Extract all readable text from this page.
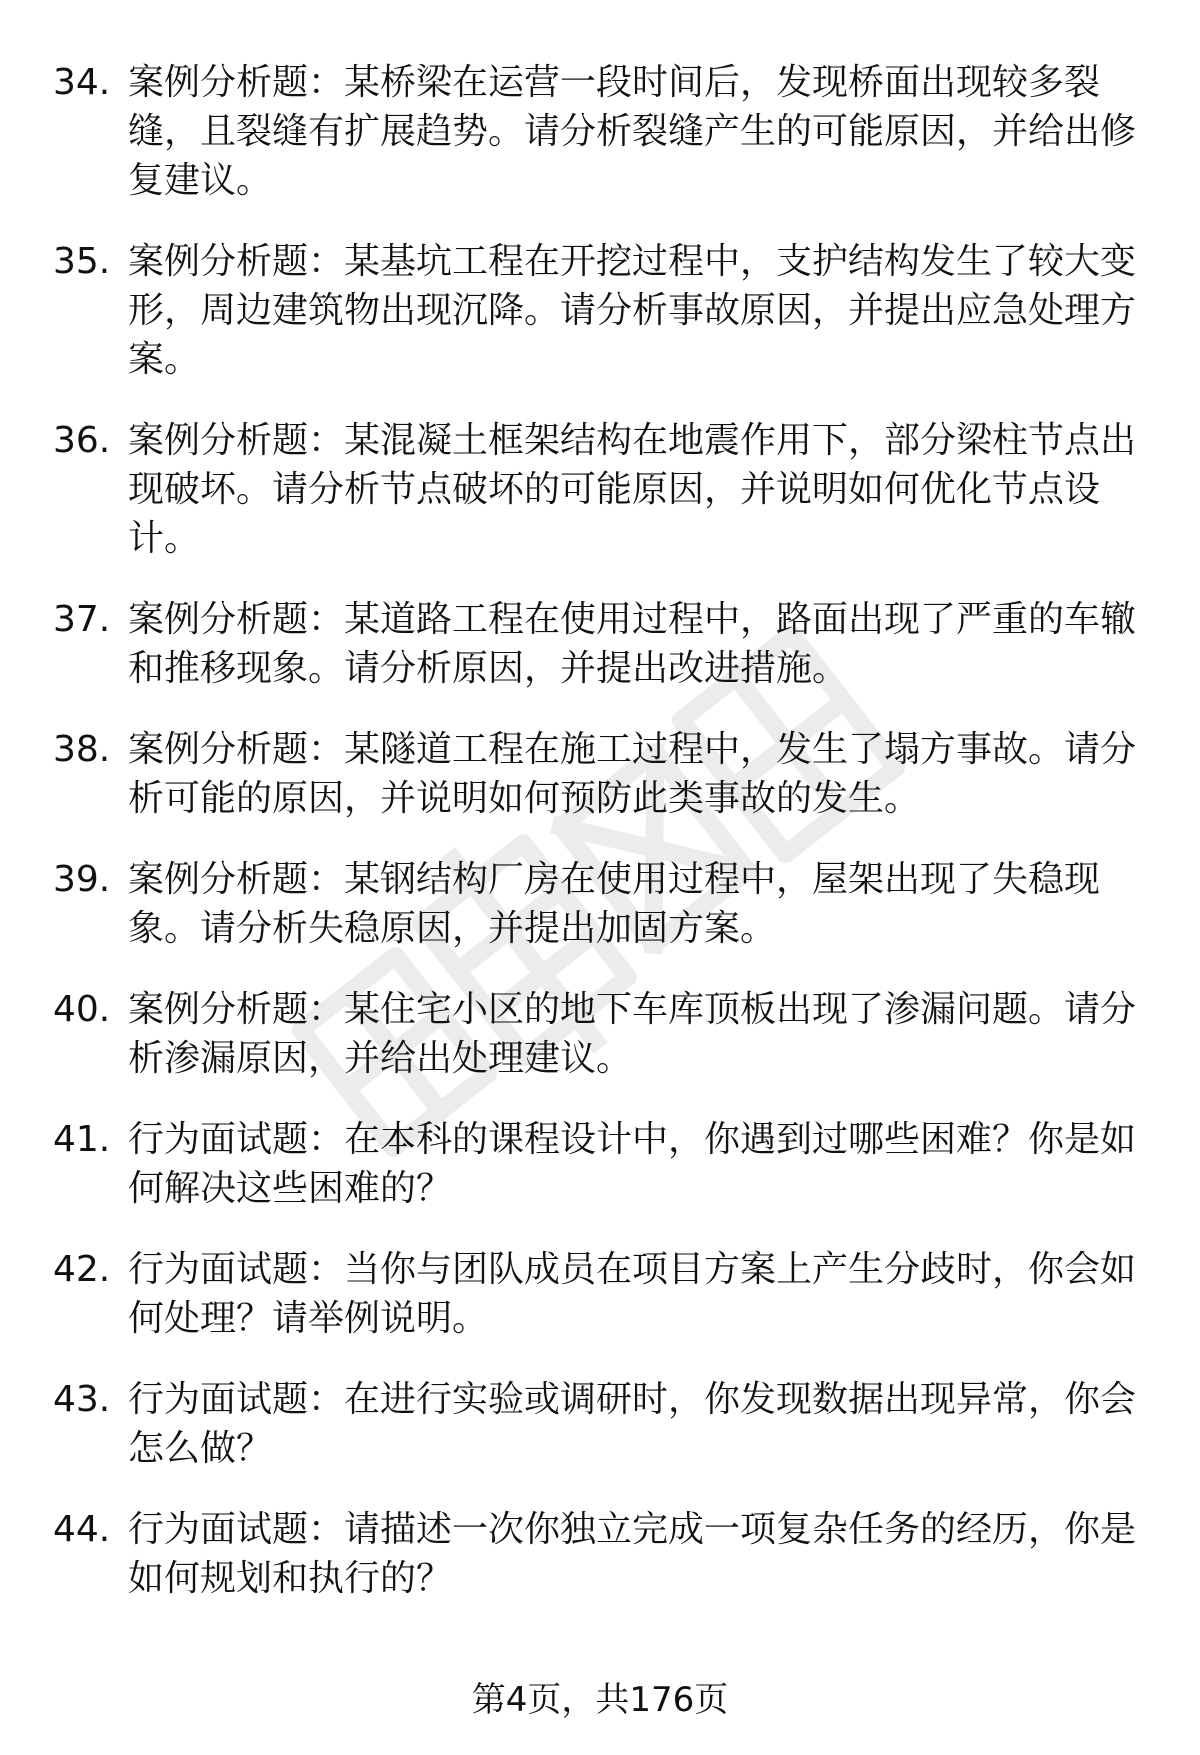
34. 案例分析题：某桥梁在运营一段时间后，发现桥面出现较多裂缝，且裂缝有扩展趋势。请分析裂缝产生的可能原因，并给出修复建议。
35. 案例分析题：某基坑工程在开挖过程中，支护结构发生了较大变形，周边建筑物出现沉降。请分析事故原因，并提出应急处理方案。
36. 案例分析题：某混凝土框架结构在地震作用下，部分梁柱节点出现破坏。请分析节点破坏的可能原因，并说明如何优化节点设计。
37. 案例分析题：某道路工程在使用过程中，路面出现了严重的车辙和推移现象。请分析原因，并提出改进措施。
38. 案例分析题：某隧道工程在施工过程中，发生了塌方事故。请分析可能的原因，并说明如何预防此类事故的发生。
39. 案例分析题：某钢结构厂房在使用过程中，屋架出现了失稳现象。请分析失稳原因，并提出加固方案。
40. 案例分析题：某住宅小区的地下车库顶板出现了渗漏问题。请分析渗漏原因，并给出处理建议。
41. 行为面试题：在本科的课程设计中，你遇到过哪些困难？你是如何解决这些困难的？
42. 行为面试题：当你与团队成员在项目方案上产生分歧时，你会如何处理？请举例说明。
43. 行为面试题：在进行实验或调研时，你发现数据出现异常，你会怎么做？
44. 行为面试题：请描述一次你独立完成一项复杂任务的经历，你是如何规划和执行的？
第4页，共176页
